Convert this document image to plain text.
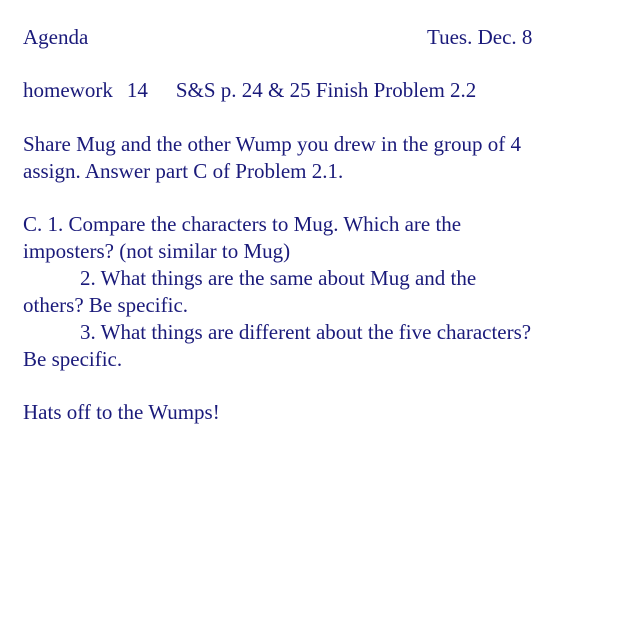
Agenda	Tues. Dec. 8
homework 14 S&S p. 24 & 25 Finish Problem 2.2
Share Mug and the other Wump you drew in the group of 4
assign. Answer part C of Problem 2.1.
C. 1. Compare the characters to Mug. Which are the
imposters? (not similar to Mug)
2. What things are the same about Mug and the
others? Be specific.
3. What things are different about the five characters?
Be specific.
Hats off to the Wumps!
